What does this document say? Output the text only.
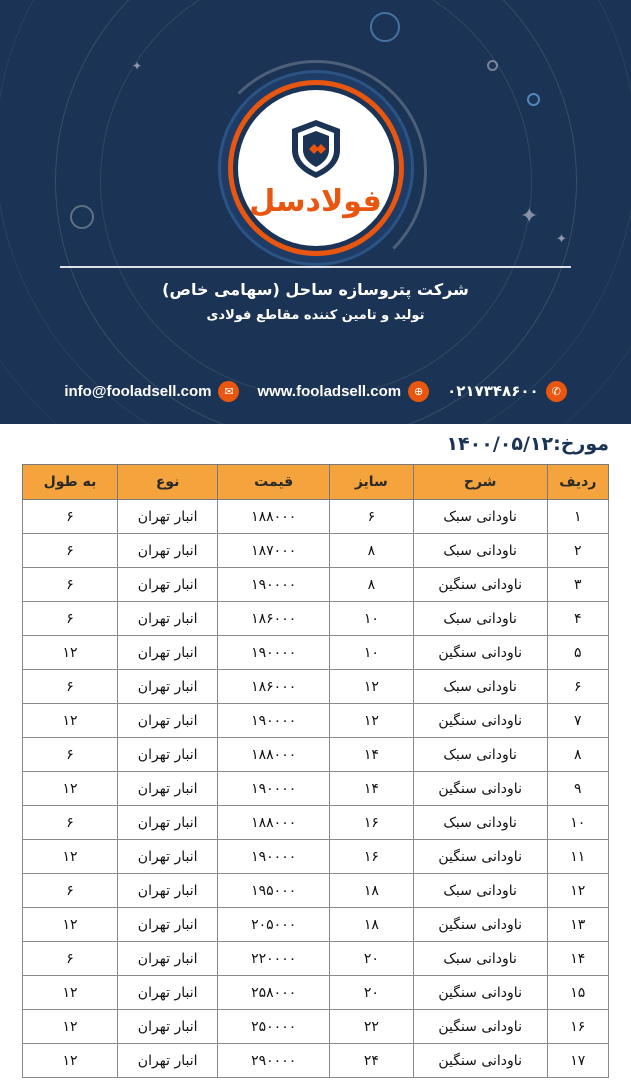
✦
✦
✦
فولادسل
شرکت پتروسازه ساحل (سهامی خاص)
تولید و تامین کننده مقاطع فولادی
✆
۰۲۱۷۳۴۸۶۰۰
⊕
www.fooladsell.com
✉
info@fooladsell.com
مورخ:۱۴۰۰/۰۵/۱۲
ردیف	شرح	سایز	قیمت	نوع	به طول
۱	ناودانی سبک	۶	۱۸۸۰۰۰	انبار تهران	۶
۲	ناودانی سبک	۸	۱۸۷۰۰۰	انبار تهران	۶
۳	ناودانی سنگین	۸	۱۹۰۰۰۰	انبار تهران	۶
۴	ناودانی سبک	۱۰	۱۸۶۰۰۰	انبار تهران	۶
۵	ناودانی سنگین	۱۰	۱۹۰۰۰۰	انبار تهران	۱۲
۶	ناودانی سبک	۱۲	۱۸۶۰۰۰	انبار تهران	۶
۷	ناودانی سنگین	۱۲	۱۹۰۰۰۰	انبار تهران	۱۲
۸	ناودانی سبک	۱۴	۱۸۸۰۰۰	انبار تهران	۶
۹	ناودانی سنگین	۱۴	۱۹۰۰۰۰	انبار تهران	۱۲
۱۰	ناودانی سبک	۱۶	۱۸۸۰۰۰	انبار تهران	۶
۱۱	ناودانی سنگین	۱۶	۱۹۰۰۰۰	انبار تهران	۱۲
۱۲	ناودانی سبک	۱۸	۱۹۵۰۰۰	انبار تهران	۶
۱۳	ناودانی سنگین	۱۸	۲۰۵۰۰۰	انبار تهران	۱۲
۱۴	ناودانی سبک	۲۰	۲۲۰۰۰۰	انبار تهران	۶
۱۵	ناودانی سنگین	۲۰	۲۵۸۰۰۰	انبار تهران	۱۲
۱۶	ناودانی سنگین	۲۲	۲۵۰۰۰۰	انبار تهران	۱۲
۱۷	ناودانی سنگین	۲۴	۲۹۰۰۰۰	انبار تهران	۱۲
